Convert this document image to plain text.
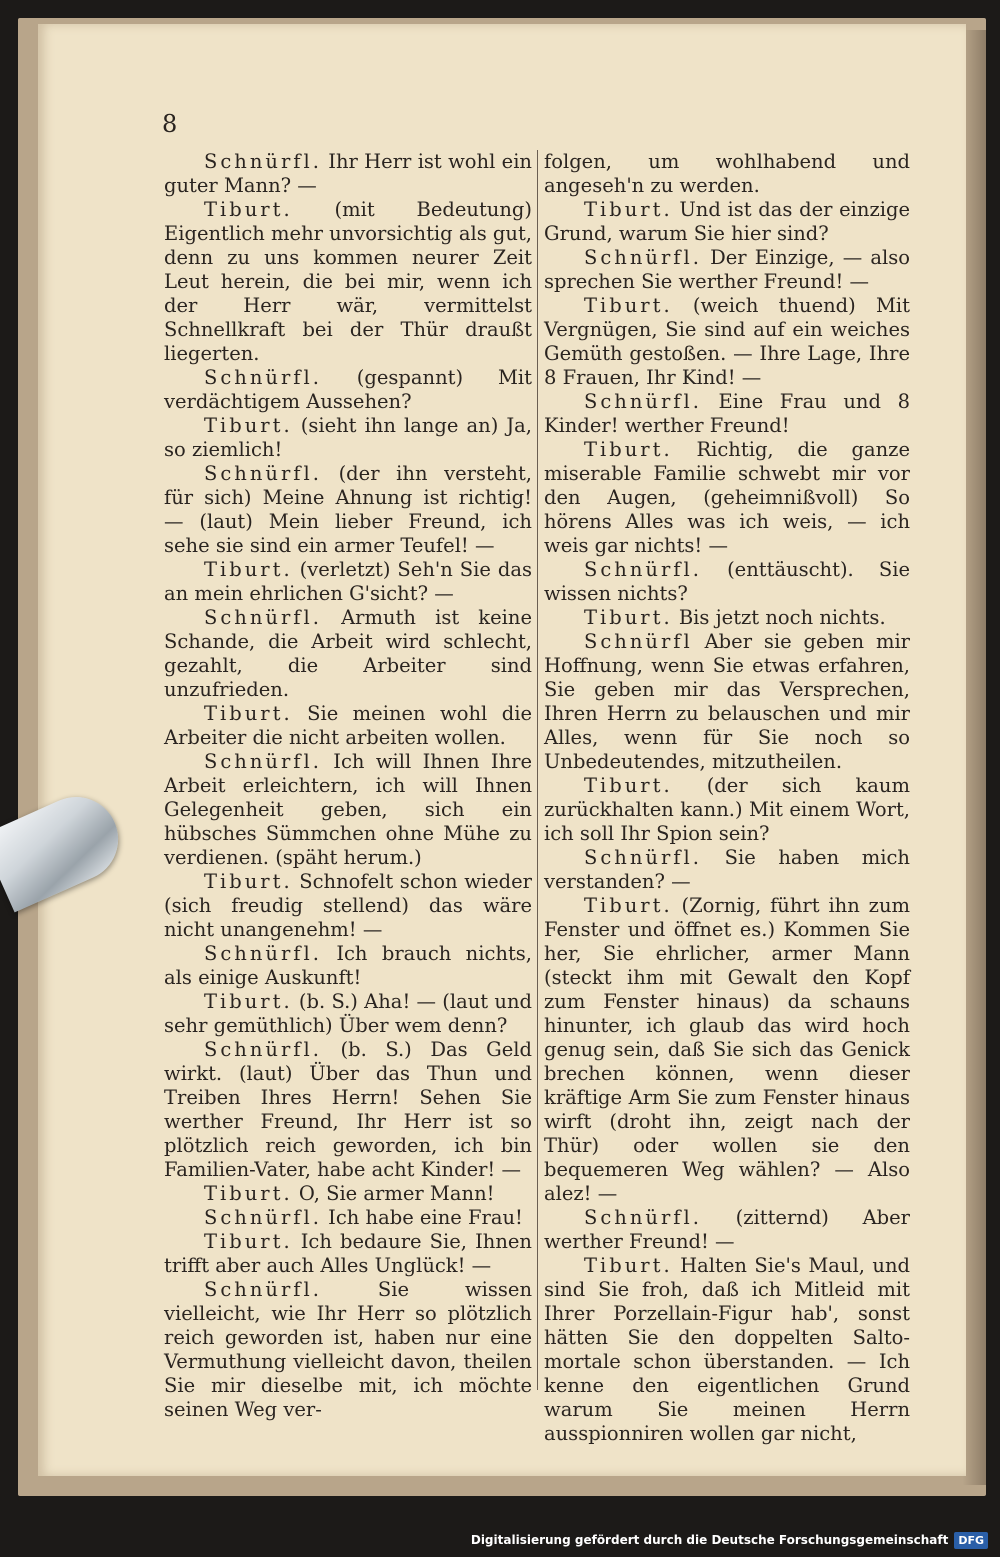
8

Schnürfl. Ihr Herr ist wohl ein guter Mann? —

Tiburt. (mit Bedeutung) Eigentlich mehr unvorsichtig als gut, denn zu uns kommen neurer Zeit Leut herein, die bei mir, wenn ich der Herr wär, vermittelst Schnellkraft bei der Thür draußt liegerten.

Schnürfl. (gespannt) Mit verdächtigem Aussehen?

Tiburt. (sieht ihn lange an) Ja, so ziemlich!

Schnürfl. (der ihn versteht, für sich) Meine Ahnung ist richtig! — (laut) Mein lieber Freund, ich sehe sie sind ein armer Teufel! —

Tiburt. (verletzt) Seh'n Sie das an mein ehrlichen G'sicht? —

Schnürfl. Armuth ist keine Schande, die Arbeit wird schlecht, gezahlt, die Arbeiter sind unzufrieden.

Tiburt. Sie meinen wohl die Arbeiter die nicht arbeiten wollen.

Schnürfl. Ich will Ihnen Ihre Arbeit erleichtern, ich will Ihnen Gelegenheit geben, sich ein hübsches Sümmchen ohne Mühe zu verdienen. (späht herum.)

Tiburt. Schnofelt schon wieder (sich freudig stellend) das wäre nicht unangenehm! —

Schnürfl. Ich brauch nichts, als einige Auskunft!

Tiburt. (b. S.) Aha! — (laut und sehr gemüthlich) Über wem denn?

Schnürfl. (b. S.) Das Geld wirkt. (laut) Über das Thun und Treiben Ihres Herrn! Sehen Sie werther Freund, Ihr Herr ist so plötzlich reich geworden, ich bin Familien-Vater, habe acht Kinder! —

Tiburt. O, Sie armer Mann!

Schnürfl. Ich habe eine Frau!

Tiburt. Ich bedaure Sie, Ihnen trifft aber auch Alles Unglück! —

Schnürfl.	Sie wissen vielleicht, wie Ihr Herr so plötzlich reich geworden ist, haben nur eine Vermuthung vielleicht davon, theilen Sie mir dieselbe mit, ich möchte seinen Weg ver-

folgen, um wohlhabend und angeseh'n zu werden.

Tiburt. Und ist das der einzige Grund, warum Sie hier sind?

Schnürfl. Der Einzige, — also sprechen Sie werther Freund! —

Tiburt. (weich thuend) Mit Vergnügen, Sie sind auf ein weiches Gemüth gestoßen. — Ihre Lage, Ihre 8 Frauen, Ihr Kind! —

Schnürfl. Eine Frau und 8 Kinder! werther Freund!

Tiburt. Richtig, die ganze miserable Familie schwebt mir vor den Augen, (geheimnißvoll) So hörens Alles was ich weis, — ich weis gar nichts! —

Schnürfl. (enttäuscht). Sie wissen nichts?

Tiburt. Bis jetzt noch nichts.

Schnürfl Aber sie geben mir Hoffnung, wenn Sie etwas erfahren, Sie geben mir das Versprechen, Ihren Herrn zu belauschen und mir Alles, wenn für Sie noch so Unbedeutendes, mitzutheilen.

Tiburt. (der sich kaum zurückhalten kann.) Mit einem Wort, ich soll Ihr Spion sein?

Schnürfl. Sie haben mich verstanden? —

Tiburt. (Zornig, führt ihn zum Fenster und öffnet es.) Kommen Sie her, Sie ehrlicher, armer Mann (steckt ihm mit Gewalt den Kopf zum Fenster hinaus) da schauns hinunter, ich glaub das wird hoch genug sein, daß Sie sich das Genick brechen können, wenn dieser kräftige Arm Sie zum Fenster hinaus wirft (droht ihn, zeigt nach der Thür) oder wollen sie den bequemeren Weg wählen? — Also alez! —

Schnürfl. (zitternd) Aber werther Freund! —

Tiburt. Halten Sie's Maul, und sind Sie froh, daß ich Mitleid mit Ihrer Porzellain-Figur hab', sonst hätten Sie den doppelten Salto-mortale schon überstanden. — Ich kenne den eigentlichen Grund warum Sie meinen Herrn ausspionniren wollen gar nicht,

Digitalisierung gefördert durch die Deutsche Forschungsgemeinschaft DFG
